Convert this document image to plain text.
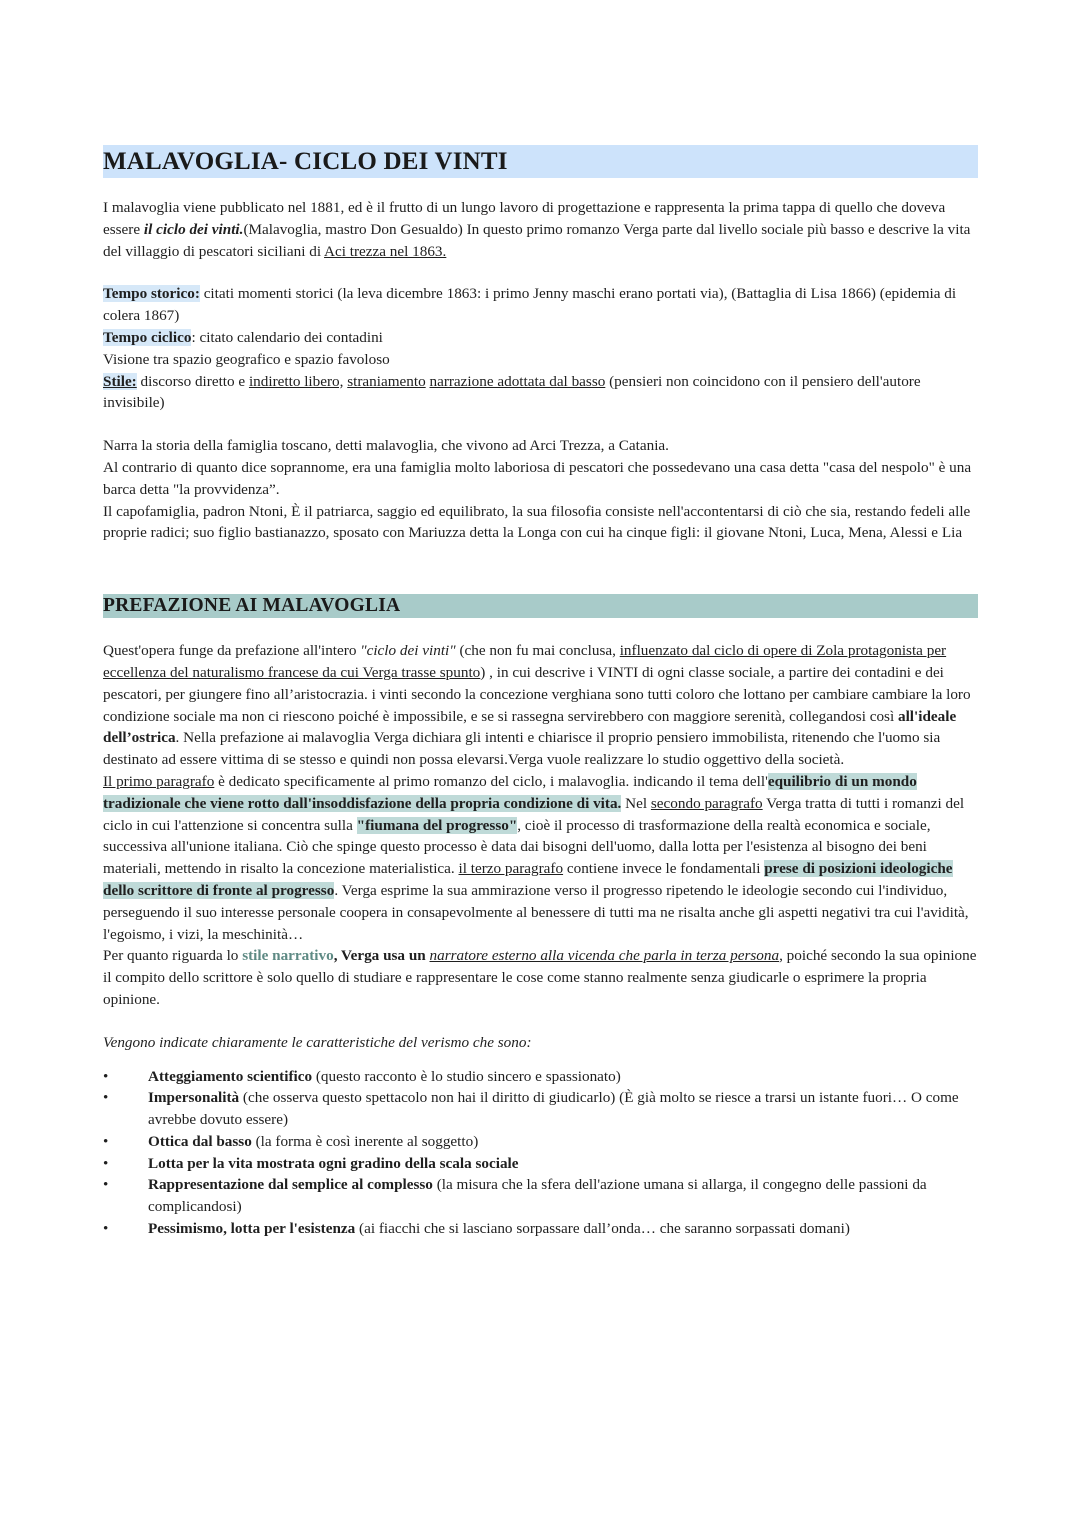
MALAVOGLIA- CICLO DEI VINTI

I malavoglia viene pubblicato nel 1881, ed è il frutto di un lungo lavoro di progettazione e rappresenta la prima tappa di quello che doveva essere il ciclo dei vinti.(Malavoglia, mastro Don Gesualdo) In questo primo romanzo Verga parte dal livello sociale più basso e descrive la vita del villaggio di pescatori siciliani di Aci trezza nel 1863.

Tempo storico: citati momenti storici (la leva dicembre 1863: i primo Jenny maschi erano portati via), (Battaglia di Lisa 1866) (epidemia di colera 1867)

Tempo ciclico: citato calendario dei contadini

Visione tra spazio geografico e spazio favoloso

Stile: discorso diretto e indiretto libero, straniamento narrazione adottata dal basso (pensieri non coincidono con il pensiero dell'autore invisibile)

Narra la storia della famiglia toscano, detti malavoglia, che vivono ad Arci Trezza, a Catania.

Al contrario di quanto dice soprannome, era una famiglia molto laboriosa di pescatori che possedevano una casa detta "casa del nespolo" è una barca detta "la provvidenza”.

Il capofamiglia, padron Ntoni, È il patriarca, saggio ed equilibrato, la sua filosofia consiste nell'accontentarsi di ciò che sia, restando fedeli alle proprie radici; suo figlio bastianazzo, sposato con Mariuzza detta la Longa con cui ha cinque figli: il giovane Ntoni, Luca, Mena, Alessi e Lia

PREFAZIONE AI MALAVOGLIA

Quest'opera funge da prefazione all'intero "ciclo dei vinti" (che non fu mai conclusa, influenzato dal ciclo di opere di Zola protagonista per eccellenza del naturalismo francese da cui Verga trasse spunto) , in cui descrive i VINTI di ogni classe sociale, a partire dei contadini e dei pescatori, per giungere fino all’aristocrazia. i vinti secondo la concezione verghiana sono tutti coloro che lottano per cambiare cambiare la loro condizione sociale ma non ci riescono poiché è impossibile, e se si rassegna servirebbero con maggiore serenità, collegandosi così all'ideale dell’ostrica. Nella prefazione ai malavoglia Verga dichiara gli intenti e chiarisce il proprio pensiero immobilista, ritenendo che l'uomo sia destinato ad essere vittima di se stesso e quindi non possa elevarsi.Verga vuole realizzare lo studio oggettivo della società.

Il primo paragrafo è dedicato specificamente al primo romanzo del ciclo, i malavoglia. indicando il tema dell'equilibrio di un mondo tradizionale che viene rotto dall'insoddisfazione della propria condizione di vita. Nel secondo paragrafo Verga tratta di tutti i romanzi del ciclo in cui l'attenzione si concentra sulla "fiumana del progresso", cioè il processo di trasformazione della realtà economica e sociale, successiva all'unione italiana. Ciò che spinge questo processo è data dai bisogni dell'uomo, dalla lotta per l'esistenza al bisogno dei beni materiali, mettendo in risalto la concezione materialistica. il terzo paragrafo contiene invece le fondamentali prese di posizioni ideologiche dello scrittore di fronte al progresso. Verga esprime la sua ammirazione verso il progresso ripetendo le ideologie secondo cui l'individuo, perseguendo il suo interesse personale coopera in consapevolmente al benessere di tutti ma ne risalta anche gli aspetti negativi tra cui l'avidità, l'egoismo, i vizi, la meschinità…

Per quanto riguarda lo stile narrativo, Verga usa un narratore esterno alla vicenda che parla in terza persona, poiché secondo la sua opinione il compito dello scrittore è solo quello di studiare e rappresentare le cose come stanno realmente senza giudicarle o esprimere la propria opinione.

Vengono indicate chiaramente le caratteristiche del verismo che sono:

•	Atteggiamento scientifico (questo racconto è lo studio sincero e spassionato)
•	Impersonalità (che osserva questo spettacolo non hai il diritto di giudicarlo) (È già molto se riesce a trarsi un istante fuori… O come avrebbe dovuto essere)
•	Ottica dal basso (la forma è così inerente al soggetto)
•	Lotta per la vita mostrata ogni gradino della scala sociale
•	Rappresentazione dal semplice al complesso (la misura che la sfera dell'azione umana si allarga, il congegno delle passioni da complicandosi)
•	Pessimismo, lotta per l'esistenza (ai fiacchi che si lasciano sorpassare dall’onda… che saranno sorpassati domani)
